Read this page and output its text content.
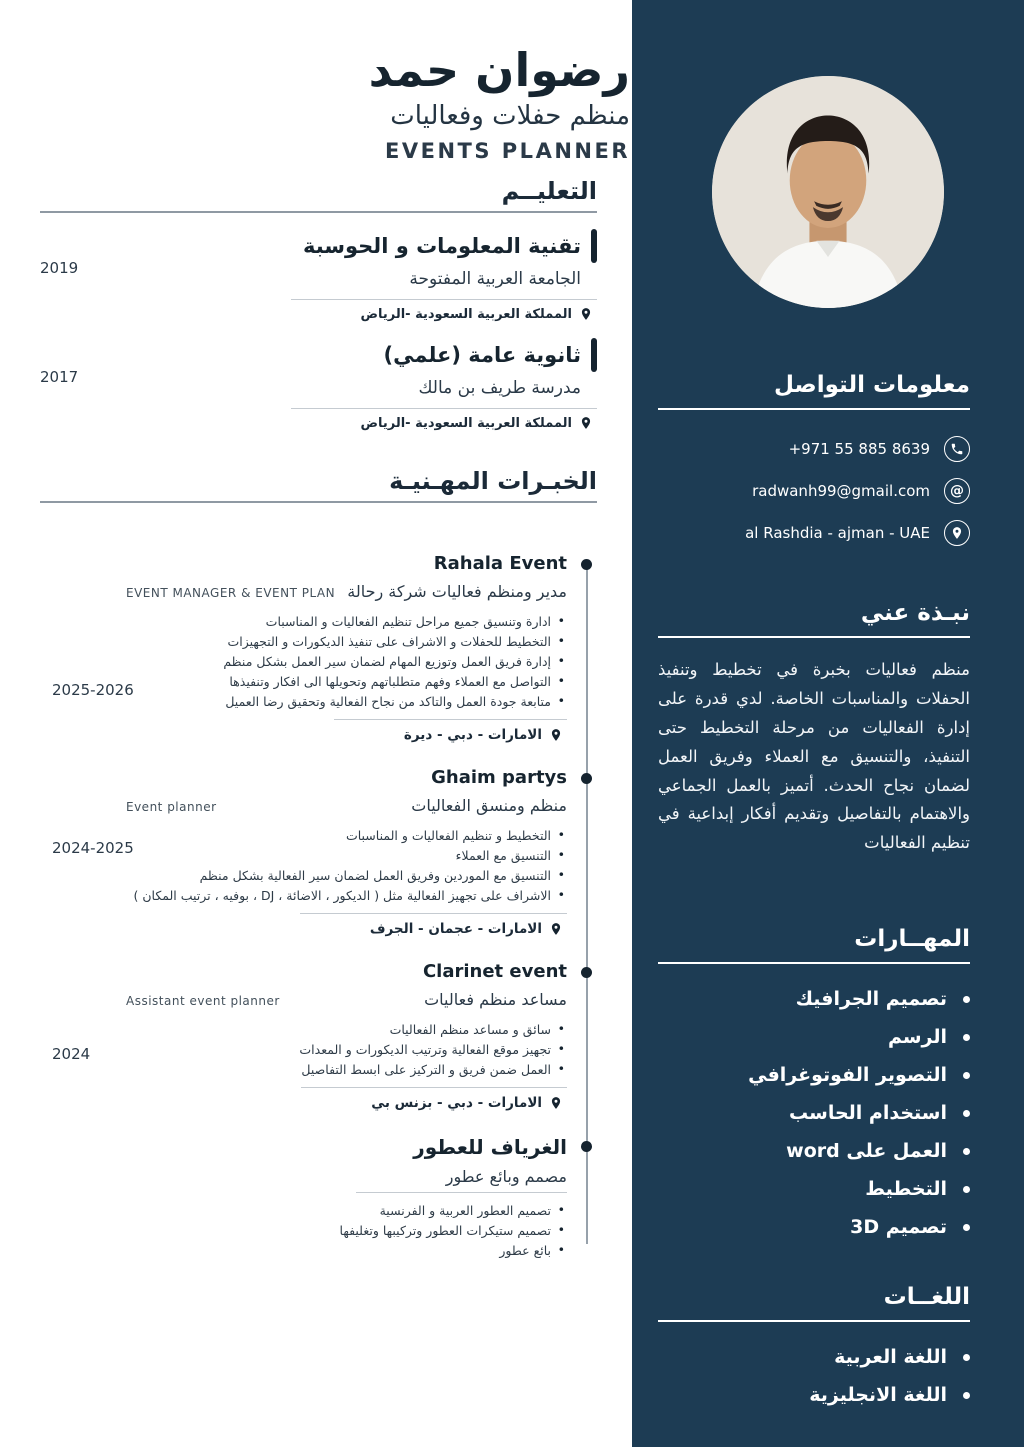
معلومات التواصل
+971 55 885 8639
@
radwanh99@gmail.com
al Rashdia - ajman - UAE
نبـذة عني

منظم فعاليات بخبرة في تخطيط وتنفيذ الحفلات والمناسبات الخاصة. لدي قدرة على إدارة الفعاليات من مرحلة التخطيط حتى التنفيذ، والتنسيق مع العملاء وفريق العمل لضمان نجاح الحدث. أتميز بالعمل الجماعي والاهتمام بالتفاصيل وتقديم أفكار إبداعية في تنظيم الفعاليات

المهــارات
تصميم الجرافيك
الرسم
التصوير الفوتوغرافي
استخدام الحاسب
العمل على word
التخطيط
تصميم 3D
اللغــات
اللغة العربية
اللغة الانجليزية
رضوان حمد
منظم حفلات وفعاليات
EVENTS PLANNER
التعليــم
تقنية المعلومات و الحوسبة
الجامعة العربية المفتوحة
المملكة العربية السعودية -الرياض
2019
ثانوية عامة (علمي)
مدرسة طريف بن مالك
المملكة العربية السعودية -الرياض
2017
الخبـرات المهـنيـة
Rahala Event
مدير ومنظم فعاليات شركة رحالة
EVENT MANAGER & EVENT PLAN
• ادارة وتنسيق جميع مراحل تنظيم الفعاليات و المناسبات
• التخطيط للحفلات و الاشراف على تنفيذ الديكورات و التجهيزات
• إدارة فريق العمل وتوزيع المهام لضمان سير العمل بشكل منظم
• التواصل مع العملاء وفهم متطلباتهم وتحويلها الى افكار وتنفيذها
• متابعة جودة العمل والتاكد من نجاح الفعالية وتحقيق رضا العميل
الامارات - دبي - ديرة
2025-2026
Ghaim partys
منظم ومنسق الفعاليات
Event planner
• التخطيط و تنظيم الفعاليات و المناسبات
• التنسيق مع العملاء
• التنسيق مع الموردين وفريق العمل لضمان سير الفعالية بشكل منظم
• الاشراف على تجهيز الفعالية مثل ( الديكور ، الاضائة ، DJ ، بوفيه ، ترتيب المكان )
الامارات - عجمان - الجرف
2024-2025
Clarinet event
مساعد منظم فعاليات
Assistant event planner
• سائق و مساعد منظم الفعاليات
• تجهيز موقع الفعالية وترتيب الديكورات و المعدات
• العمل ضمن فريق و التركيز على ابسط التفاصيل
الامارات - دبي - بزنس بي
2024
الغرياف للعطور
مصمم وبائع عطور
• تصميم العطور العربية و الفرنسية
• تصميم ستيكرات العطور وتركيبها وتغليفها
• بائع عطور
